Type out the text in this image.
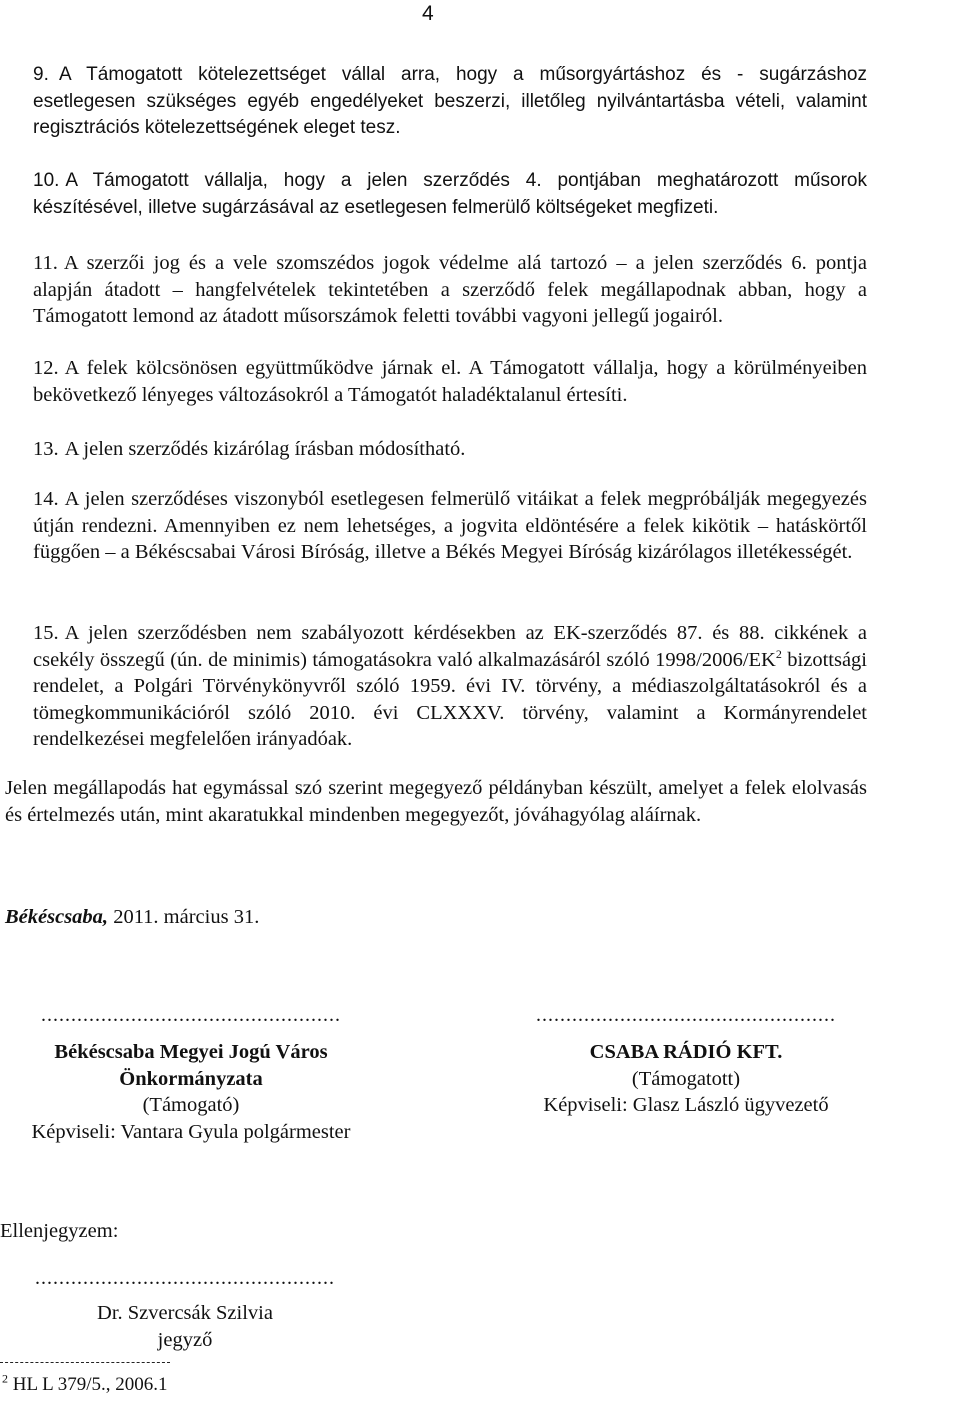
4
9. A Támogatott kötelezettséget vállal arra, hogy a műsorgyártáshoz és - sugárzáshoz esetlegesen szükséges egyéb engedélyeket beszerzi, illetőleg nyilvántartásba vételi, valamint regisztrációs kötelezettségének eleget tesz.
10. A Támogatott vállalja, hogy a jelen szerződés 4. pontjában meghatározott műsorok készítésével, illetve sugárzásával az esetlegesen felmerülő költségeket megfizeti.
11. A szerzői jog és a vele szomszédos jogok védelme alá tartozó – a jelen szerződés 6. pontja alapján átadott – hangfelvételek tekintetében a szerződő felek megállapodnak abban, hogy a Támogatott lemond az átadott műsorszámok feletti további vagyoni jellegű jogairól.
12. A felek kölcsönösen együttműködve járnak el. A Támogatott vállalja, hogy a körülményeiben bekövetkező lényeges változásokról a Támogatót haladéktalanul értesíti.
13. A jelen szerződés kizárólag írásban módosítható.
14. A jelen szerződéses viszonyból esetlegesen felmerülő vitáikat a felek megpróbálják megegyezés útján rendezni. Amennyiben ez nem lehetséges, a jogvita eldöntésére a felek kikötik – hatáskörtől függően – a Békéscsabai Városi Bíróság, illetve a Békés Megyei Bíróság kizárólagos illetékességét.
15. A jelen szerződésben nem szabályozott kérdésekben az EK-szerződés 87. és 88. cikkének a csekély összegű (ún. de minimis) támogatásokra való alkalmazásáról szóló $1998/2006/EK^2$ bizottsági rendelet, a Polgári Törvénykönyvről szóló 1959. évi IV. törvény, a médiaszolgáltatásokról és a tömegkommunikációról szóló 2010. évi CLXXXV. törvény, valamint a Kormányrendelet rendelkezései megfelelően irányadóak.
Jelen megállapodás hat egymással szó szerint megegyező példányban készült, amelyet a felek elolvasás és értelmezés után, mint akaratukkal mindenben megegyezőt, jóváhagyólag aláírnak.
Békéscsaba, 2011. március 31.
..................................................
Békéscsaba Megyei Jogú Város
Önkormányzata
(Támogató)
Képviseli: Vantara Gyula polgármester
..................................................
CSABA RÁDIÓ KFT.
(Támogatott)
Képviseli: Glasz László ügyvezető
Ellenjegyzem:
..................................................
Dr. Szvercsák Szilvia
jegyző
$^2$ HL L 379/5., 2006.1
